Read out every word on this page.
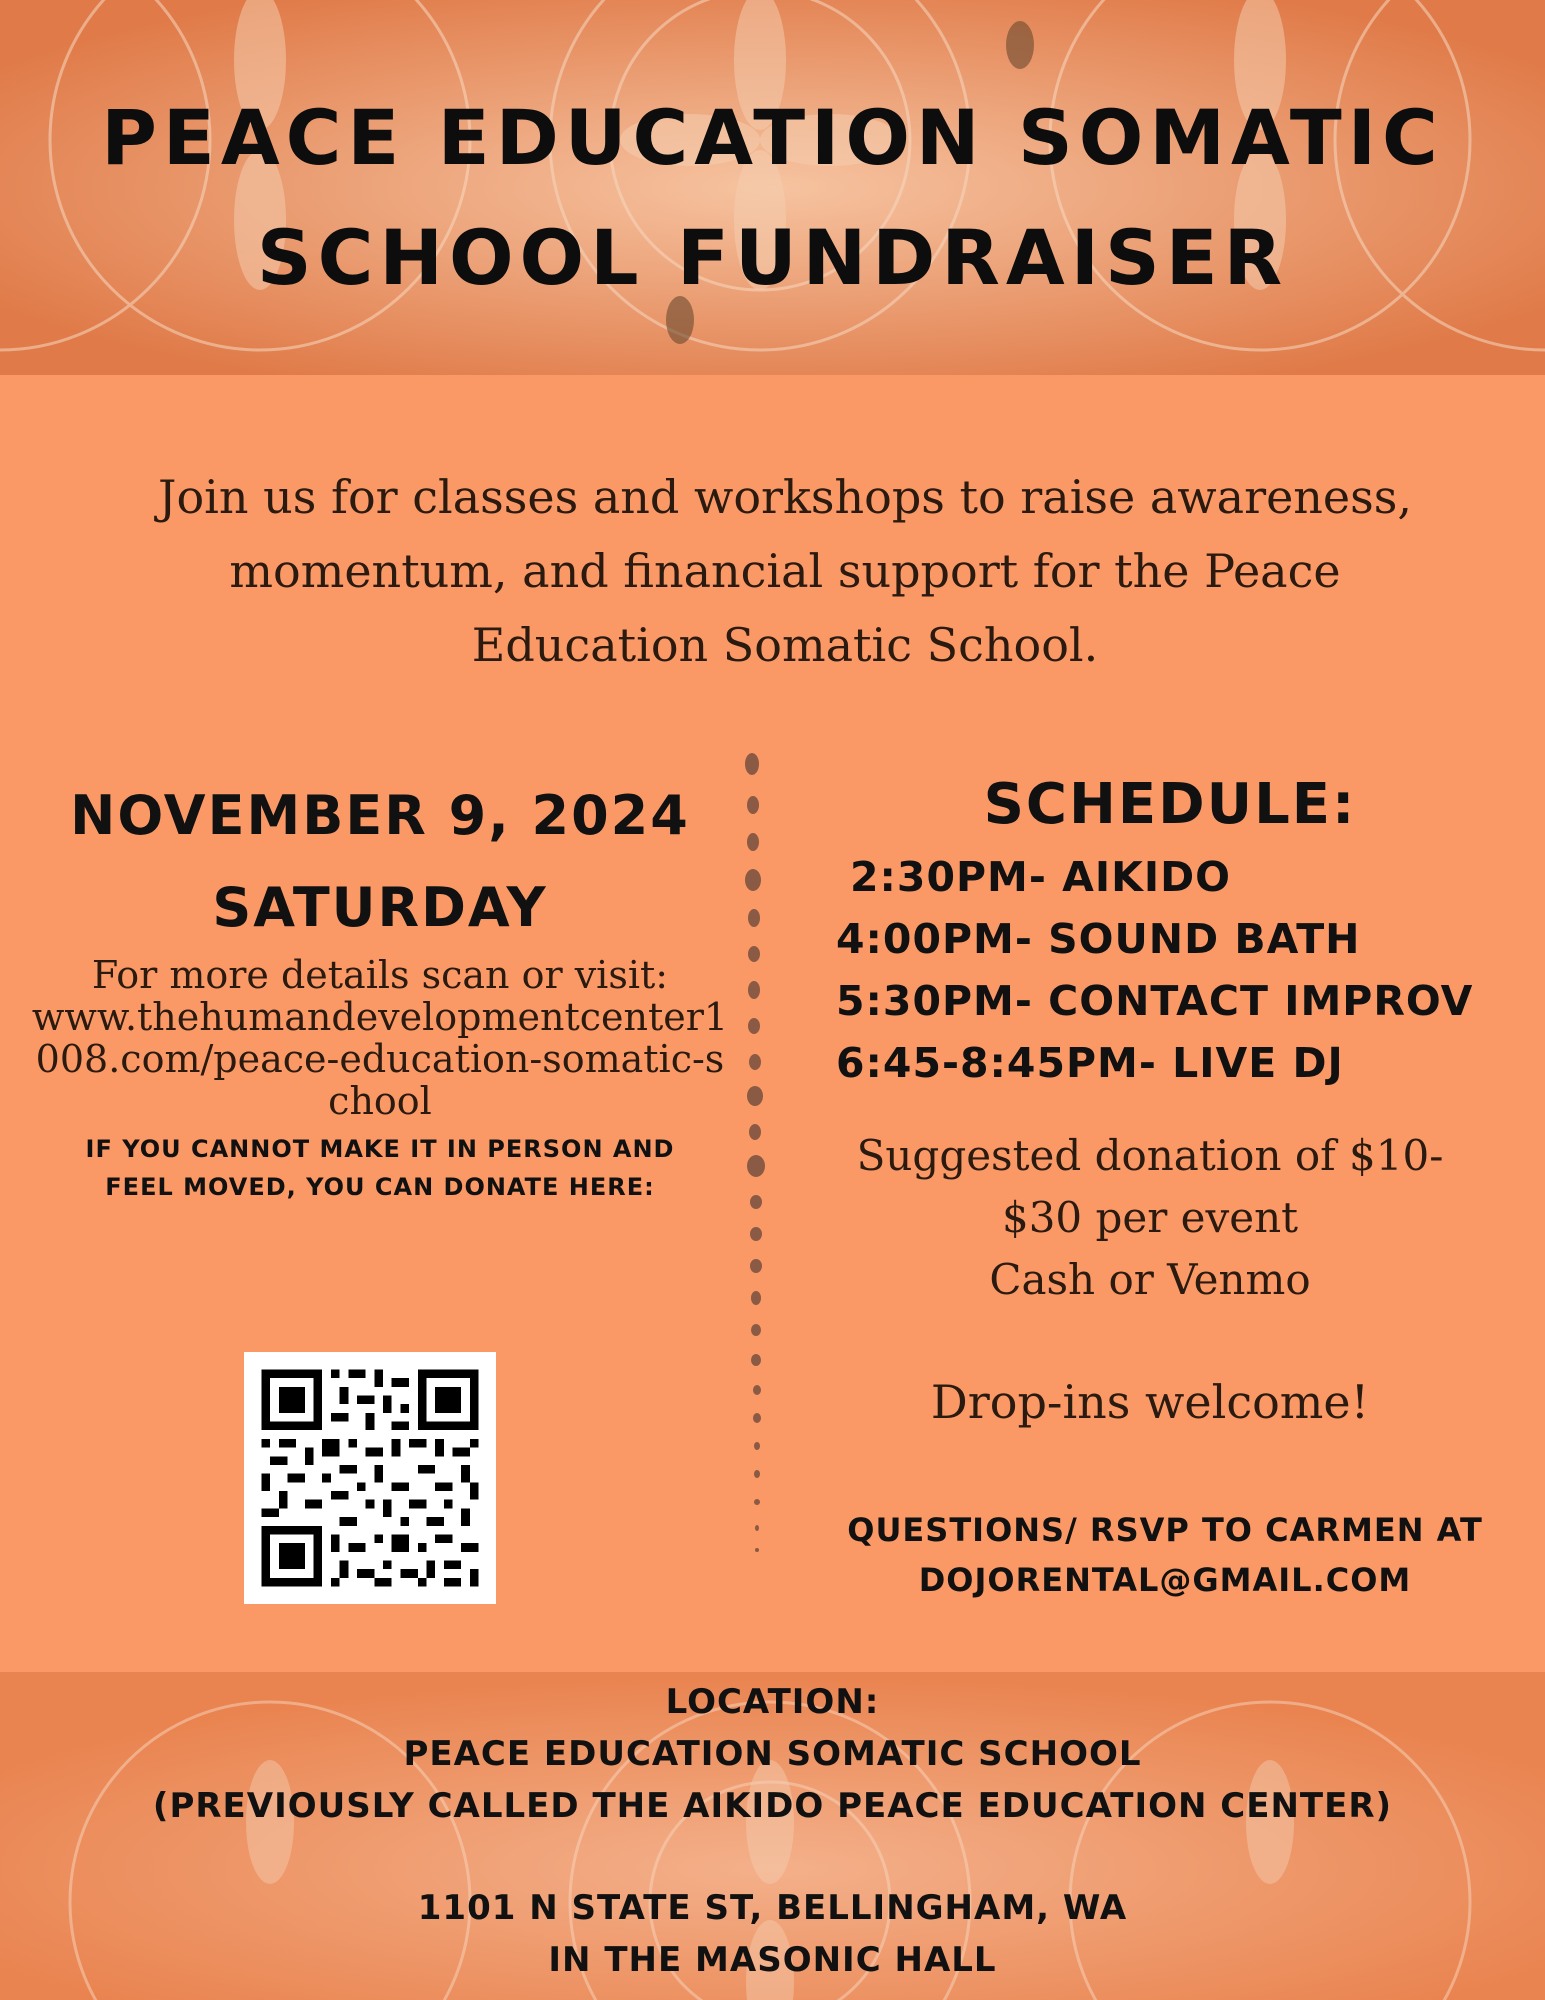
PEACE EDUCATION SOMATIC
SCHOOL FUNDRAISER

Join us for classes and workshops to raise awareness,
momentum, and financial support for the Peace
Education Somatic School.

NOVEMBER 9, 2024

SATURDAY

For more details scan or visit:

www.thehumandevelopmentcenter1008.com/peace-education-somatic-school

IF YOU CANNOT MAKE IT IN PERSON AND
FEEL MOVED, YOU CAN DONATE HERE:

SCHEDULE:

2:30PM- AIKIDO
4:00PM- SOUND BATH
5:30PM- CONTACT IMPROV
6:45-8:45PM- LIVE DJ

Suggested donation of $10-
$30 per event
Cash or Venmo

Drop-ins welcome!

QUESTIONS/ RSVP TO CARMEN AT
DOJORENTAL@GMAIL.COM

LOCATION:
PEACE EDUCATION SOMATIC SCHOOL
(PREVIOUSLY CALLED THE AIKIDO PEACE EDUCATION CENTER)
1101 N STATE ST, BELLINGHAM, WA
IN THE MASONIC HALL
